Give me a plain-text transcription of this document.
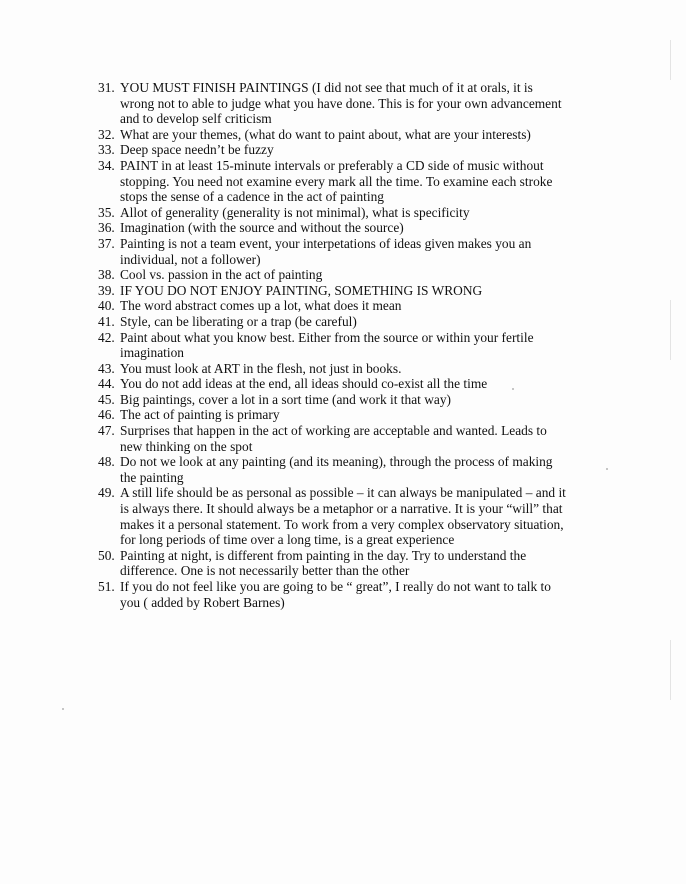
31. YOU MUST FINISH PAINTINGS (I did not see that much of it at orals, it is wrong not to able to judge what you have done. This is for your own advancement and to develop self criticism
32. What are your themes, (what do want to paint about, what are your interests)
33. Deep space needn’t be fuzzy
34. PAINT in at least 15-minute intervals or preferably a CD side of music without stopping. You need not examine every mark all the time. To examine each stroke stops the sense of a cadence in the act of painting
35. Allot of generality (generality is not minimal), what is specificity
36. Imagination (with the source and without the source)
37. Painting is not a team event, your interpetations of ideas given makes you an individual, not a follower)
38. Cool vs. passion in the act of painting
39. IF YOU DO NOT ENJOY PAINTING, SOMETHING IS WRONG
40. The word abstract comes up a lot, what does it mean
41. Style, can be liberating or a trap (be careful)
42. Paint about what you know best. Either from the source or within your fertile imagination
43. You must look at ART in the flesh, not just in books.
44. You do not add ideas at the end, all ideas should co-exist all the time
45. Big paintings, cover a lot in a sort time (and work it that way)
46. The act of painting is primary
47. Surprises that happen in the act of working are acceptable and wanted. Leads to new thinking on the spot
48. Do not we look at any painting (and its meaning), through the process of making the painting
49. A still life should be as personal as possible – it can always be manipulated – and it is always there. It should always be a metaphor or a narrative. It is your “will” that makes it a personal statement. To work from a very complex observatory situation, for long periods of time over a long time, is a great experience
50. Painting at night, is different from painting in the day. Try to understand the difference. One is not necessarily better than the other
51. If you do not feel like you are going to be “ great”, I really do not want to talk to you ( added by Robert Barnes)
